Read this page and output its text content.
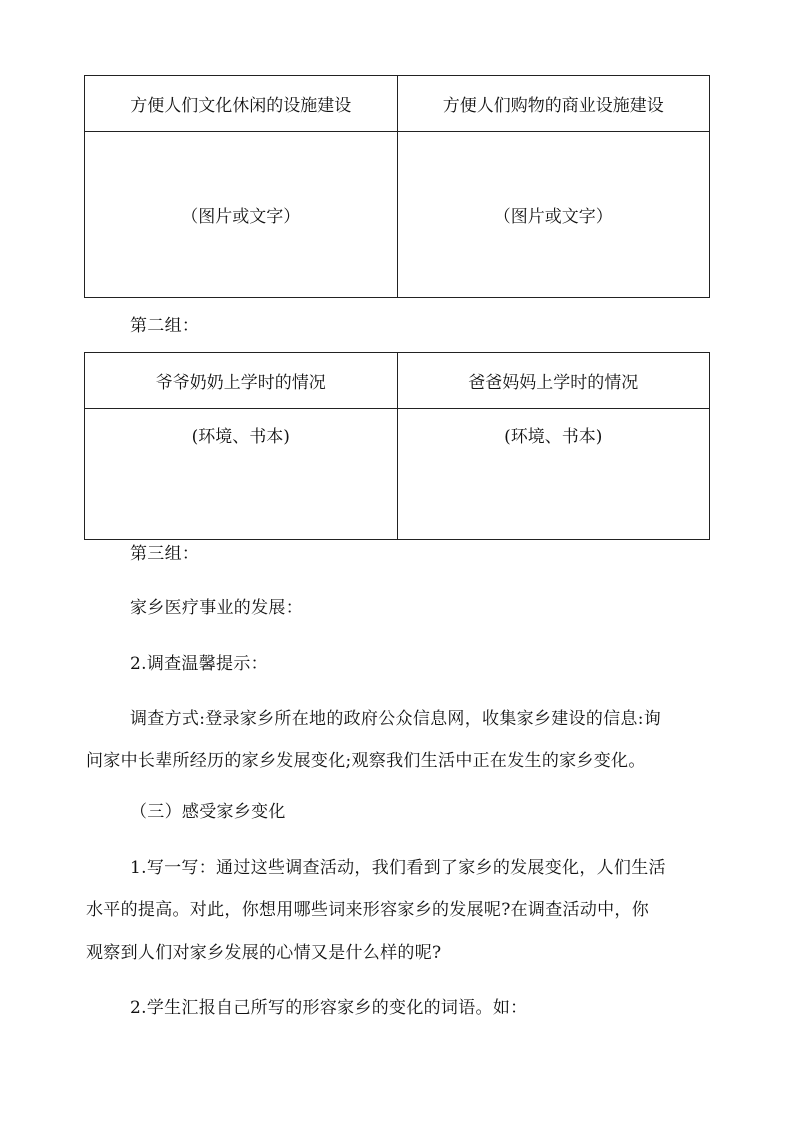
方便人们文化休闲的设施建设	方便人们购物的商业设施建设
（图片或文字）	（图片或文字）
第二组：
爷爷奶奶上学时的情况	爸爸妈妈上学时的情况
(环境、书本)	(环境、书本)
第三组：
家乡医疗事业的发展：
2.调查温馨提示：
调查方式:登录家乡所在地的政府公众信息网，收集家乡建设的信息:询
问家中长辈所经历的家乡发展变化;观察我们生活中正在发生的家乡变化。
（三）感受家乡变化
1.写一写：通过这些调查活动，我们看到了家乡的发展变化，人们生活
水平的提高。对此，你想用哪些词来形容家乡的发展呢?在调查活动中，你
观察到人们对家乡发展的心情又是什么样的呢?
2.学生汇报自己所写的形容家乡的变化的词语。如：
